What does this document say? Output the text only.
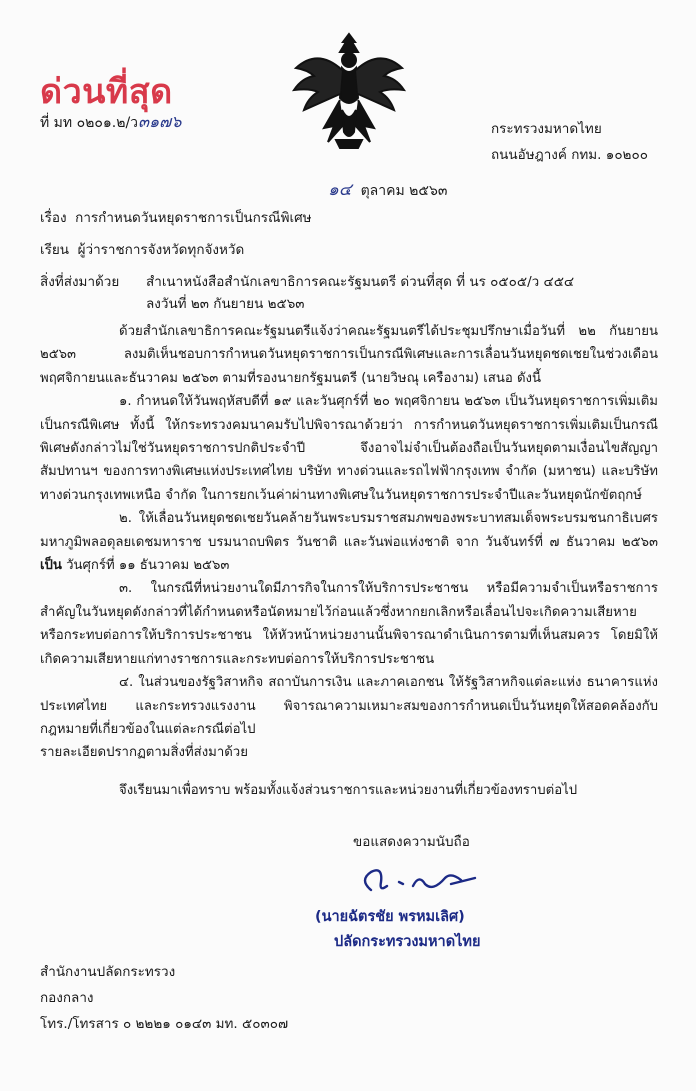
ด่วนที่สุด
ที่ มท ๐๒๐๑.๒/ว๓๑๗๖	กระทรวงมหาดไทย
ถนนอัษฎางค์ กทม. ๑๐๒๐๐
๑๔ ตุลาคม ๒๕๖๓
เรื่อง การกำหนดวันหยุดราชการเป็นกรณีพิเศษ
เรียน ผู้ว่าราชการจังหวัดทุกจังหวัด
สิ่งที่ส่งมาด้วย สำเนาหนังสือสำนักเลขาธิการคณะรัฐมนตรี ด่วนที่สุด ที่ นร ๐๕๐๕/ว ๔๕๔
ลงวันที่ ๒๓ กันยายน ๒๕๖๓

ด้วยสำนักเลขาธิการคณะรัฐมนตรีแจ้งว่าคณะรัฐมนตรีได้ประชุมปรึกษาเมื่อวันที่ ๒๒ กันยายน ๒๕๖๓ ลงมติเห็นชอบการกำหนดวันหยุดราชการเป็นกรณีพิเศษและการเลื่อนวันหยุดชดเชยในช่วงเดือนพฤศจิกายนและธันวาคม ๒๕๖๓ ตามที่รองนายกรัฐมนตรี (นายวิษณุ เครืองาม) เสนอ ดังนี้

๑. กำหนดให้วันพฤหัสบดีที่ ๑๙ และวันศุกร์ที่ ๒๐ พฤศจิกายน ๒๕๖๓ เป็นวันหยุดราชการเพิ่มเติมเป็นกรณีพิเศษ ทั้งนี้ ให้กระทรวงคมนาคมรับไปพิจารณาด้วยว่า การกำหนดวันหยุดราชการเพิ่มเติมเป็นกรณีพิเศษดังกล่าวไม่ใช่วันหยุดราชการปกติประจำปี จึงอาจไม่จำเป็นต้องถือเป็นวันหยุดตามเงื่อนไขสัญญาสัมปทานฯ ของการทางพิเศษแห่งประเทศไทย บริษัท ทางด่วนและรถไฟฟ้ากรุงเทพ จำกัด (มหาชน) และบริษัท ทางด่วนกรุงเทพเหนือ จำกัด ในการยกเว้นค่าผ่านทางพิเศษในวันหยุดราชการประจำปีและวันหยุดนักขัตฤกษ์

๒. ให้เลื่อนวันหยุดชดเชยวันคล้ายวันพระบรมราชสมภพของพระบาทสมเด็จพระบรมชนกาธิเบศร มหาภูมิพลอดุลยเดชมหาราช บรมนาถบพิตร วันชาติ และวันพ่อแห่งชาติ จาก วันจันทร์ที่ ๗ ธันวาคม ๒๕๖๓ เป็น วันศุกร์ที่ ๑๑ ธันวาคม ๒๕๖๓

๓. ในกรณีที่หน่วยงานใดมีภารกิจในการให้บริการประชาชน หรือมีความจำเป็นหรือราชการสำคัญในวันหยุดดังกล่าวที่ได้กำหนดหรือนัดหมายไว้ก่อนแล้วซึ่งหากยกเลิกหรือเลื่อนไปจะเกิดความเสียหายหรือกระทบต่อการให้บริการประชาชน ให้หัวหน้าหน่วยงานนั้นพิจารณาดำเนินการตามที่เห็นสมควร โดยมิให้เกิดความเสียหายแก่ทางราชการและกระทบต่อการให้บริการประชาชน

๔. ในส่วนของรัฐวิสาหกิจ สถาบันการเงิน และภาคเอกชน ให้รัฐวิสาหกิจแต่ละแห่ง ธนาคารแห่งประเทศไทย และกระทรวงแรงงาน พิจารณาความเหมาะสมของการกำหนดเป็นวันหยุดให้สอดคล้องกับกฎหมายที่เกี่ยวข้องในแต่ละกรณีต่อไป

รายละเอียดปรากฏตามสิ่งที่ส่งมาด้วย

จึงเรียนมาเพื่อทราบ พร้อมทั้งแจ้งส่วนราชการและหน่วยงานที่เกี่ยวข้องทราบต่อไป

ขอแสดงความนับถือ
(นายฉัตรชัย พรหมเลิศ)
ปลัดกระทรวงมหาดไทย
สำนักงานปลัดกระทรวง
กองกลาง
โทร./โทรสาร ๐ ๒๒๒๑ ๐๑๔๓ มท. ๕๐๓๐๗
